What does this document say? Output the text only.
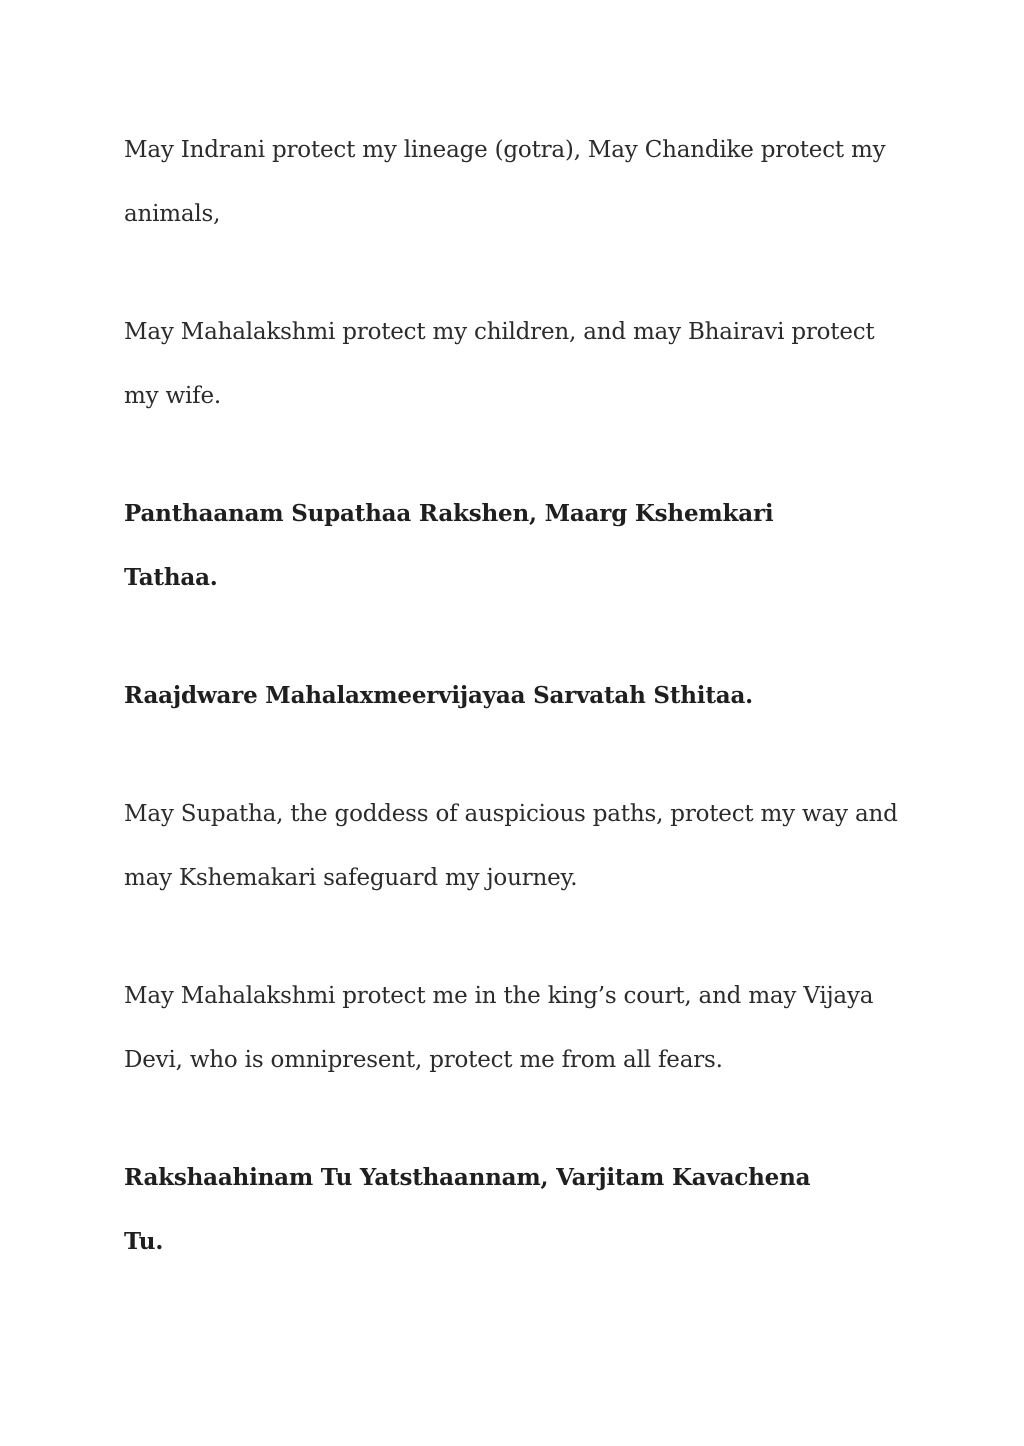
May Indrani protect my lineage (gotra), May Chandike protect my
animals,

May Mahalakshmi protect my children, and may Bhairavi protect
my wife.

Panthaanam Supathaa Rakshen, Maarg Kshemkari
Tathaa.

Raajdware Mahalaxmeervijayaa Sarvatah Sthitaa.

May Supatha, the goddess of auspicious paths, protect my way and
may Kshemakari safeguard my journey.

May Mahalakshmi protect me in the king’s court, and may Vijaya
Devi, who is omnipresent, protect me from all fears.

Rakshaahinam Tu Yatsthaannam, Varjitam Kavachena
Tu.
